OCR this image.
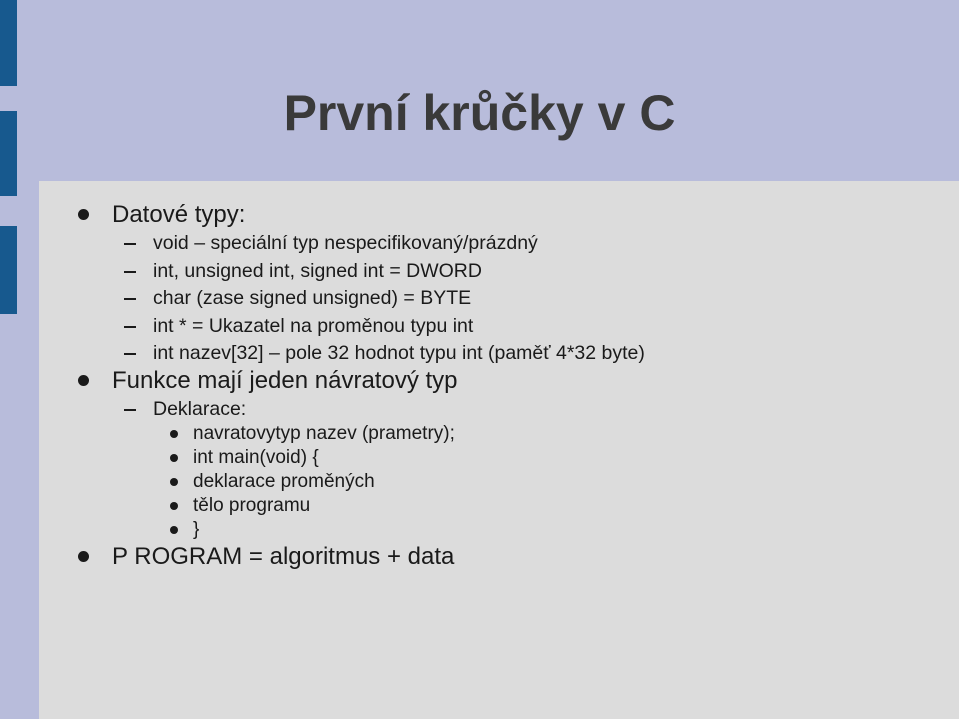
První krůčky v C
Datové typy:
void – speciální typ nespecifikovaný/prázdný
int, unsigned int, signed int = DWORD
char (zase signed unsigned) = BYTE
int * = Ukazatel na proměnou typu int
int nazev[32] – pole 32 hodnot typu int (paměť 4*32 byte)
Funkce mají jeden návratový typ
Deklarace:
navratovytyp nazev (prametry);
int main(void) {
deklarace proměných
tělo programu
}
P ROGRAM = algoritmus + data
